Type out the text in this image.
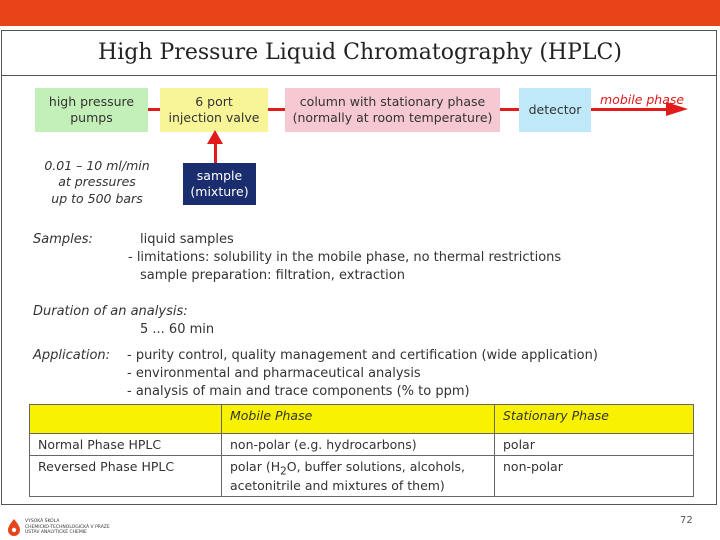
High Pressure Liquid Chromatography (HPLC)
mobile phase
high pressure
pumps
6 port
injection valve
column with stationary phase
(normally at room temperature)
detector
sample
(mixture)
0.01 – 10 ml/min
at pressures
up to 500 bars
Samples:	liquid samples
- limitations: solubility in the mobile phase, no thermal restrictions
sample preparation: filtration, extraction
Duration of an analysis:
5 ... 60 min
Application: - purity control, quality management and certification (wide application)
- environmental and pharmaceutical analysis
- analysis of main and trace components (% to ppm)
	Mobile Phase	Stationary Phase
Normal Phase HPLC	non-polar (e.g. hydrocarbons)	polar
Reversed Phase HPLC	polar ($H_2O$, buffer solutions, alcohols,
acetonitrile and mixtures of them)	non-polar
VYSOKÁ ŠKOLA
CHEMICKO-TECHNOLOGICKÁ V PRAZE
ÚSTAV ANALYTICKÉ CHEMIE
72
